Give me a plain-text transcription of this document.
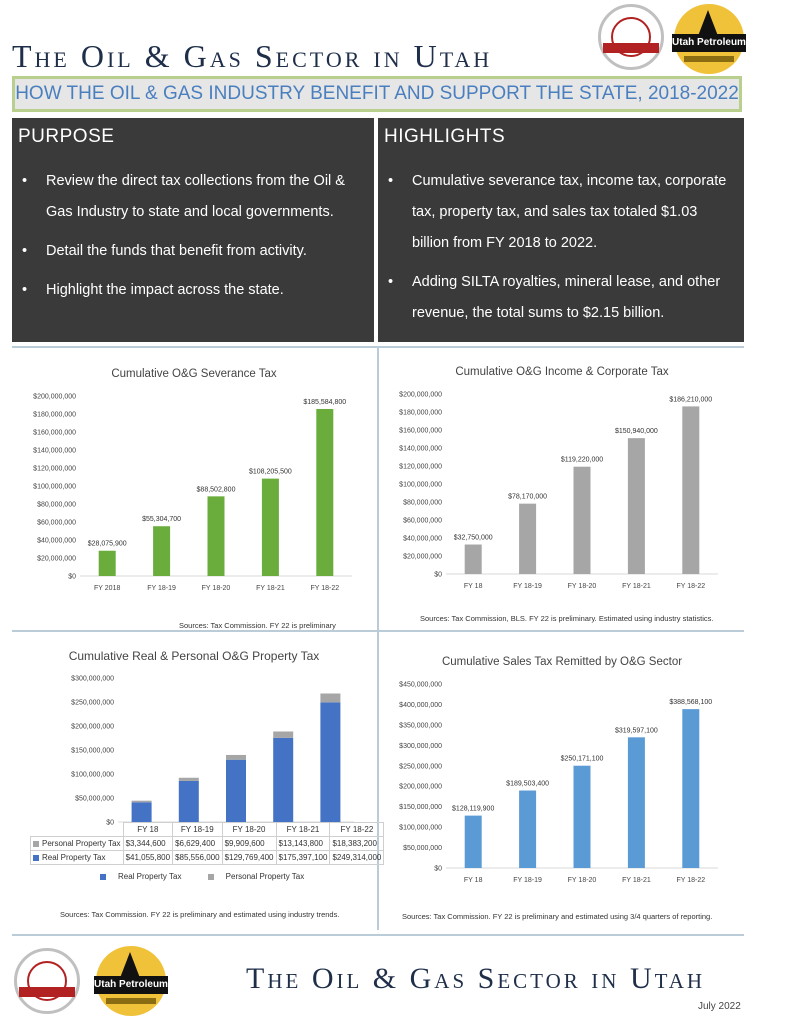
The Oil & Gas Sector in Utah	Utah Petroleum
HOW THE OIL & GAS INDUSTRY BENEFIT AND SUPPORT THE STATE, 2018-2022
PURPOSE
• Review the direct tax collections from the Oil & Gas Industry to state and local governments.
• Detail the funds that benefit from activity.
• Highlight the impact across the state.
HIGHLIGHTS
• Cumulative severance tax, income tax, corporate tax, property tax, and sales tax totaled $1.03 billion from FY 2018 to 2022.
• Adding SILTA royalties, mineral lease, and other revenue, the total sums to $2.15 billion.
Cumulative O&G Severance Tax
$0
$20,000,000
$40,000,000
$60,000,000
$80,000,000
$100,000,000
$120,000,000
$140,000,000
$160,000,000
$180,000,000
$200,000,000
$28,075,900
FY 2018
$55,304,700
FY 18-19
$88,502,800
FY 18-20
$108,205,500
FY 18-21
$185,584,800
FY 18-22
Sources: Tax Commission. FY 22 is preliminary
Cumulative O&G Income & Corporate Tax
$0
$20,000,000
$40,000,000
$60,000,000
$80,000,000
$100,000,000
$120,000,000
$140,000,000
$160,000,000
$180,000,000
$200,000,000
$32,750,000
FY 18
$78,170,000
FY 18-19
$119,220,000
FY 18-20
$150,940,000
FY 18-21
$186,210,000
FY 18-22
Sources: Tax Commission, BLS. FY 22 is preliminary. Estimated using industry statistics.
Cumulative Real & Personal O&G Property Tax
$0
$50,000,000
$100,000,000
$150,000,000
$200,000,000
$250,000,000
$300,000,000
Sources: Tax Commission. FY 22 is preliminary and estimated using industry trends.
	FY 18	FY 18-19	FY 18-20	FY 18-21	FY 18-22
Personal Property Tax	$3,344,600	$6,629,400	$9,909,600	$13,143,800	$18,383,200
Real Property Tax	$41,055,800	$85,556,000	$129,769,400	$175,397,100	$249,314,000
Real Property Tax	Personal Property Tax
Cumulative Sales Tax Remitted by O&G Sector
$0
$50,000,000
$100,000,000
$150,000,000
$200,000,000
$250,000,000
$300,000,000
$350,000,000
$400,000,000
$450,000,000
$128,119,900
FY 18
$189,503,400
FY 18-19
$250,171,100
FY 18-20
$319,597,100
FY 18-21
$388,568,100
FY 18-22
Sources: Tax Commission. FY 22 is preliminary and estimated using 3/4 quarters of reporting.
Utah Petroleum	The Oil & Gas Sector in Utah
July 2022
